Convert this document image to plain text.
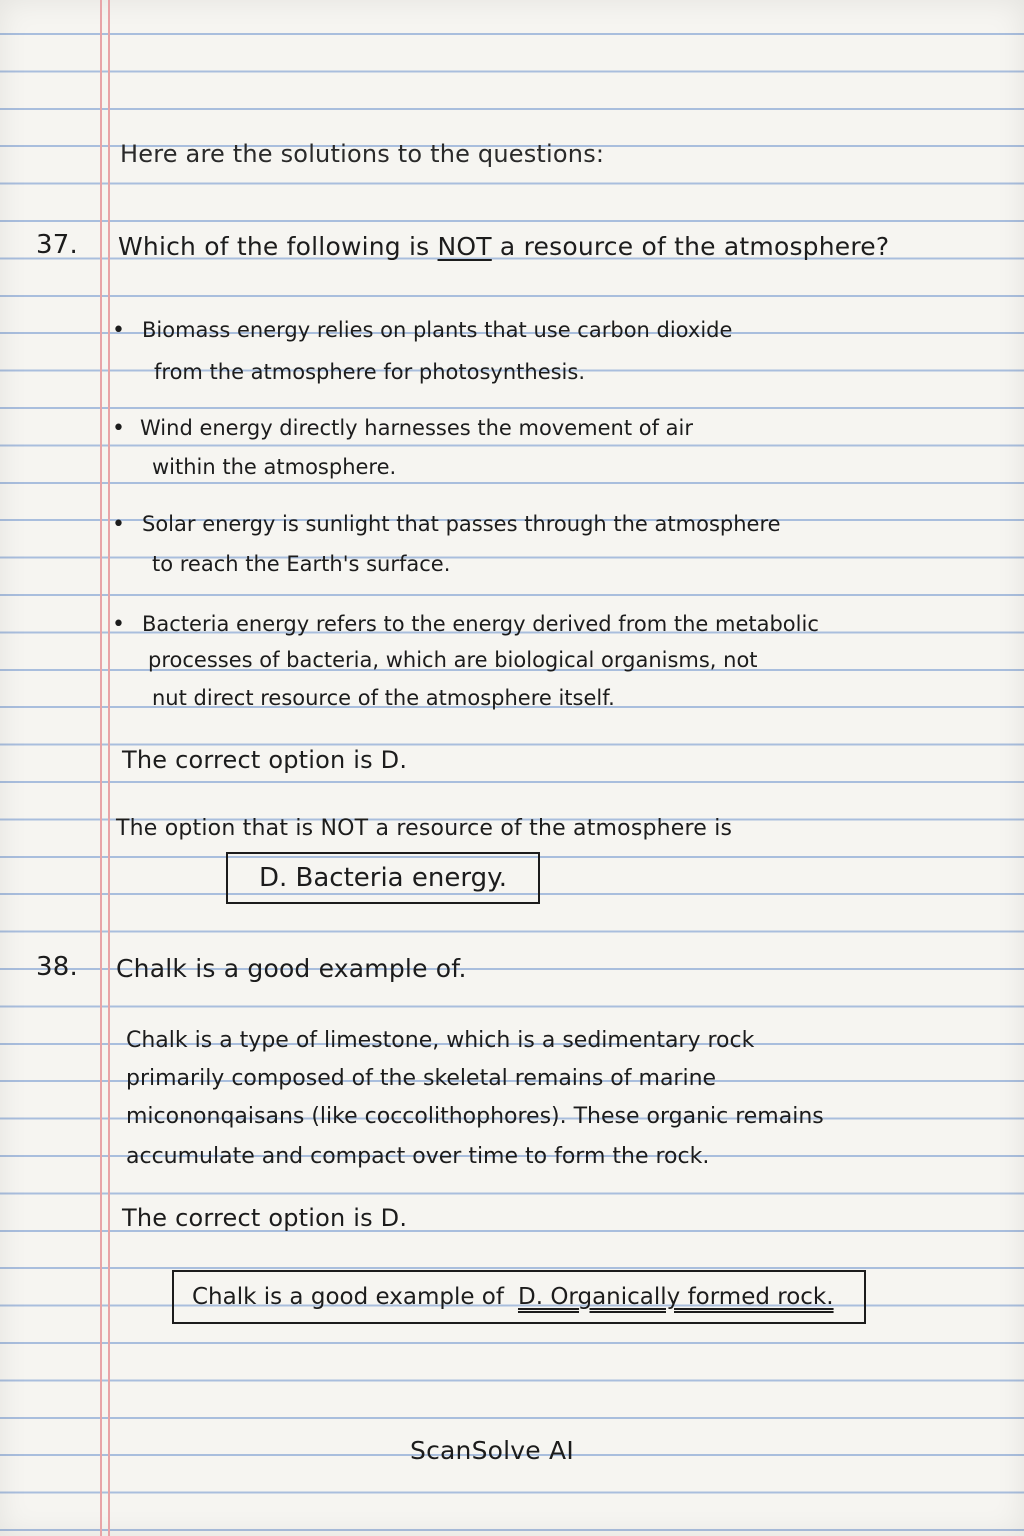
Here are the solutions to the questions:
37. Which of the following is NOT a resource of the atmosphere?
• Biomass energy relies on plants that use carbon dioxide
from the atmosphere for photosynthesis.
• Wind energy directly harnesses the movement of air
within the atmosphere.
• Solar energy is sunlight that passes through the atmosphere
to reach the Earth's surface.
• Bacteria energy refers to the energy derived from the metabolic
processes of bacteria, which are biological organisms, not
nut direct resource of the atmosphere itself.
The correct option is D.
The option that is NOT a resource of the atmosphere is
D. Bacteria energy.
38. Chalk is a good example of.
Chalk is a type of limestone, which is a sedimentary rock
primarily composed of the skeletal remains of marine
micononqaisans (like coccolithophores). These organic remains
accumulate and compact over time to form the rock.
The correct option is D.
Chalk is a good example of D. Organically formed rock.
ScanSolve AI
